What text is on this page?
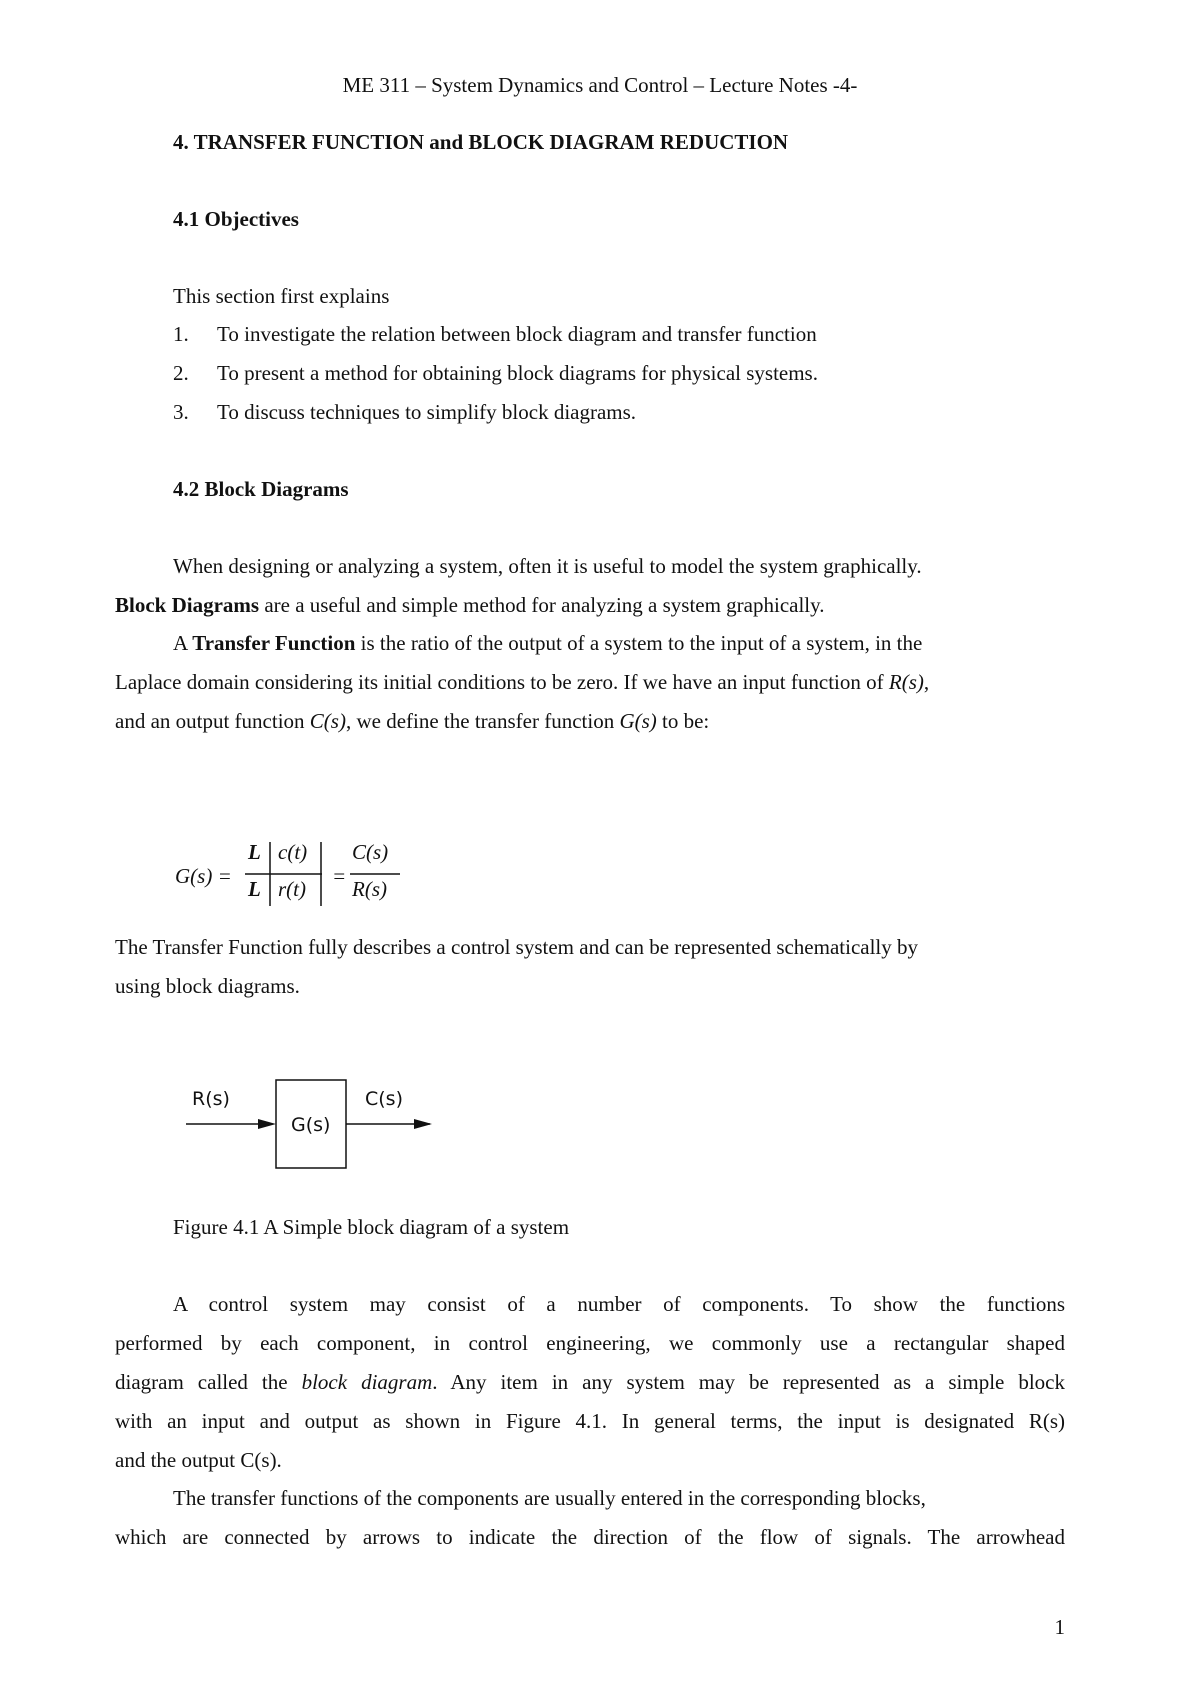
ME 311 – System Dynamics and Control – Lecture Notes -4-
4. TRANSFER FUNCTION and BLOCK DIAGRAM REDUCTION
4.1 Objectives
This section first explains
1. To investigate the relation between block diagram and transfer function
2. To present a method for obtaining block diagrams for physical systems.
3. To discuss techniques to simplify block diagrams.
4.2 Block Diagrams
When designing or analyzing a system, often it is useful to model the system graphically.
Block Diagrams are a useful and simple method for analyzing a system graphically.
A Transfer Function is the ratio of the output of a system to the input of a system, in the
Laplace domain considering its initial conditions to be zero. If we have an input function of R(s),
and an output function C(s), we define the transfer function G(s) to be:
G(s) =
L c(t)
L r(t)
=
C(s)
R(s)
The Transfer Function fully describes a control system and can be represented schematically by
using block diagrams.
R(s)
G(s)
C(s)
Figure 4.1 A Simple block diagram of a system
A control system may consist of a number of components. To show the functions
performed by each component, in control engineering, we commonly use a rectangular shaped
diagram called the block diagram. Any item in any system may be represented as a simple block
with an input and output as shown in Figure 4.1. In general terms, the input is designated R(s)
and the output C(s).
The transfer functions of the components are usually entered in the corresponding blocks,
which are connected by arrows to indicate the direction of the flow of signals. The arrowhead
1
